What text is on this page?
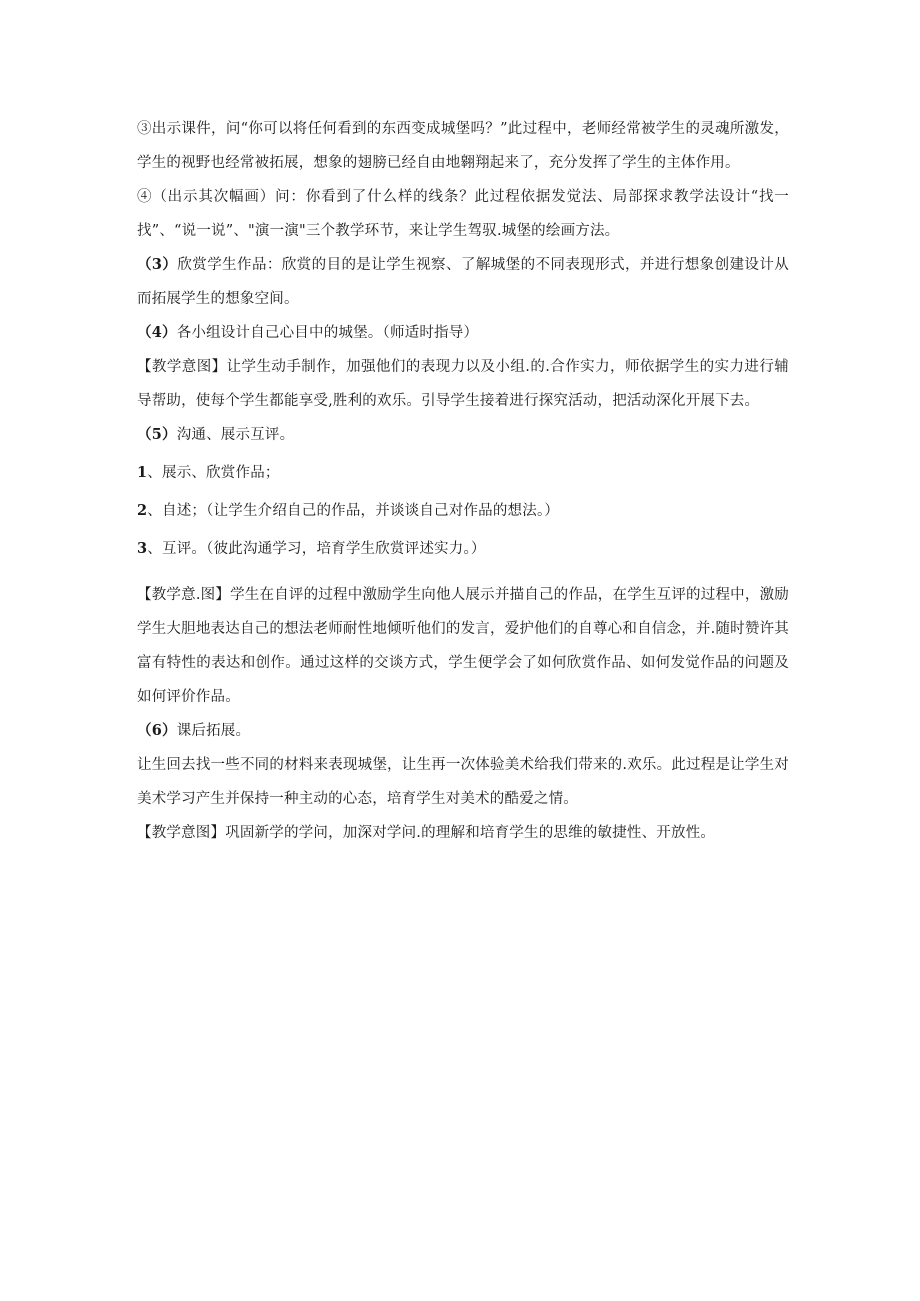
③出示课件，问“你可以将任何看到的东西变成城堡吗？”此过程中，老师经常被学生的灵魂所激发，学生的视野也经常被拓展，想象的翅膀已经自由地翱翔起来了，充分发挥了学生的主体作用。

④（出示其次幅画）问：你看到了什么样的线条？此过程依据发觉法、局部探求教学法设计“找一找”、“说一说”、"演一演"三个教学环节，来让学生驾驭.城堡的绘画方法。

（3）欣赏学生作品：欣赏的目的是让学生视察、了解城堡的不同表现形式，并进行想象创建设计从而拓展学生的想象空间。

（4）各小组设计自己心目中的城堡。（师适时指导）

【教学意图】让学生动手制作，加强他们的表现力以及小组.的.合作实力，师依据学生的实力进行辅导帮助，使每个学生都能享受,胜利的欢乐。引导学生接着进行探究活动，把活动深化开展下去。

（5）沟通、展示互评。

1、展示、欣赏作品；

2、自述；（让学生介绍自己的作品，并谈谈自己对作品的想法。）

3、互评。（彼此沟通学习，培育学生欣赏评述实力。）

【教学意.图】学生在自评的过程中激励学生向他人展示并描自己的作品，在学生互评的过程中，激励学生大胆地表达自己的想法老师耐性地倾听他们的发言，爱护他们的自尊心和自信念，并.随时赞许其富有特性的表达和创作。通过这样的交谈方式，学生便学会了如何欣赏作品、如何发觉作品的问题及如何评价作品。

（6）课后拓展。

让生回去找一些不同的材料来表现城堡，让生再一次体验美术给我们带来的.欢乐。此过程是让学生对美术学习产生并保持一种主动的心态，培育学生对美术的酷爱之情。

【教学意图】巩固新学的学问，加深对学问.的理解和培育学生的思维的敏捷性、开放性。
